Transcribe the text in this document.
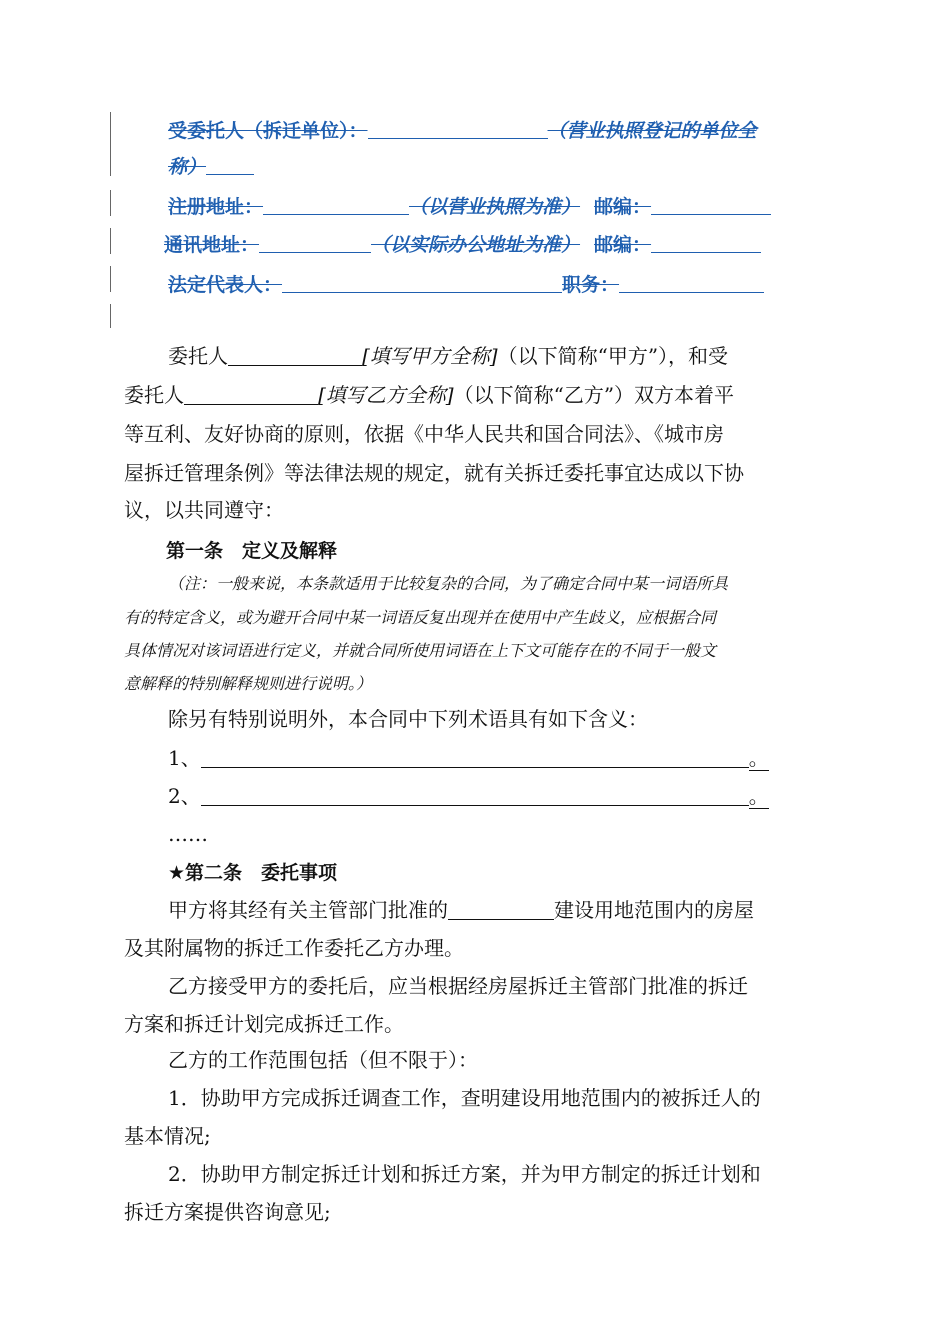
受委托人（拆迁单位）：	（营业执照登记的单位全
称）
注册地址：	（以营业执照为准） 邮编：
通讯地址：	（以实际办公地址为准） 邮编：
法定代表人：	职务：
委托人	[填写甲方全称]（以下简称“甲方”），和受
委托人	[填写乙方全称]（以下简称“乙方”）双方本着平
等互利、友好协商的原则，依据《中华人民共和国合同法》、《城市房
屋拆迁管理条例》等法律法规的规定，就有关拆迁委托事宜达成以下协
议，以共同遵守：
第一条　定义及解释
（注：一般来说，本条款适用于比较复杂的合同，为了确定合同中某一词语所具
有的特定含义，或为避开合同中某一词语反复出现并在使用中产生歧义，应根据合同
具体情况对该词语进行定义，并就合同所使用词语在上下文可能存在的不同于一般文
意解释的特别解释规则进行说明。）
除另有特别说明外，本合同中下列术语具有如下含义：
1、	。
2、	。
……
★第二条　委托事项
甲方将其经有关主管部门批准的	建设用地范围内的房屋
及其附属物的拆迁工作委托乙方办理。
乙方接受甲方的委托后，应当根据经房屋拆迁主管部门批准的拆迁
方案和拆迁计划完成拆迁工作。
乙方的工作范围包括（但不限于）：
1．协助甲方完成拆迁调查工作，查明建设用地范围内的被拆迁人的
基本情况;
2．协助甲方制定拆迁计划和拆迁方案，并为甲方制定的拆迁计划和
拆迁方案提供咨询意见;
